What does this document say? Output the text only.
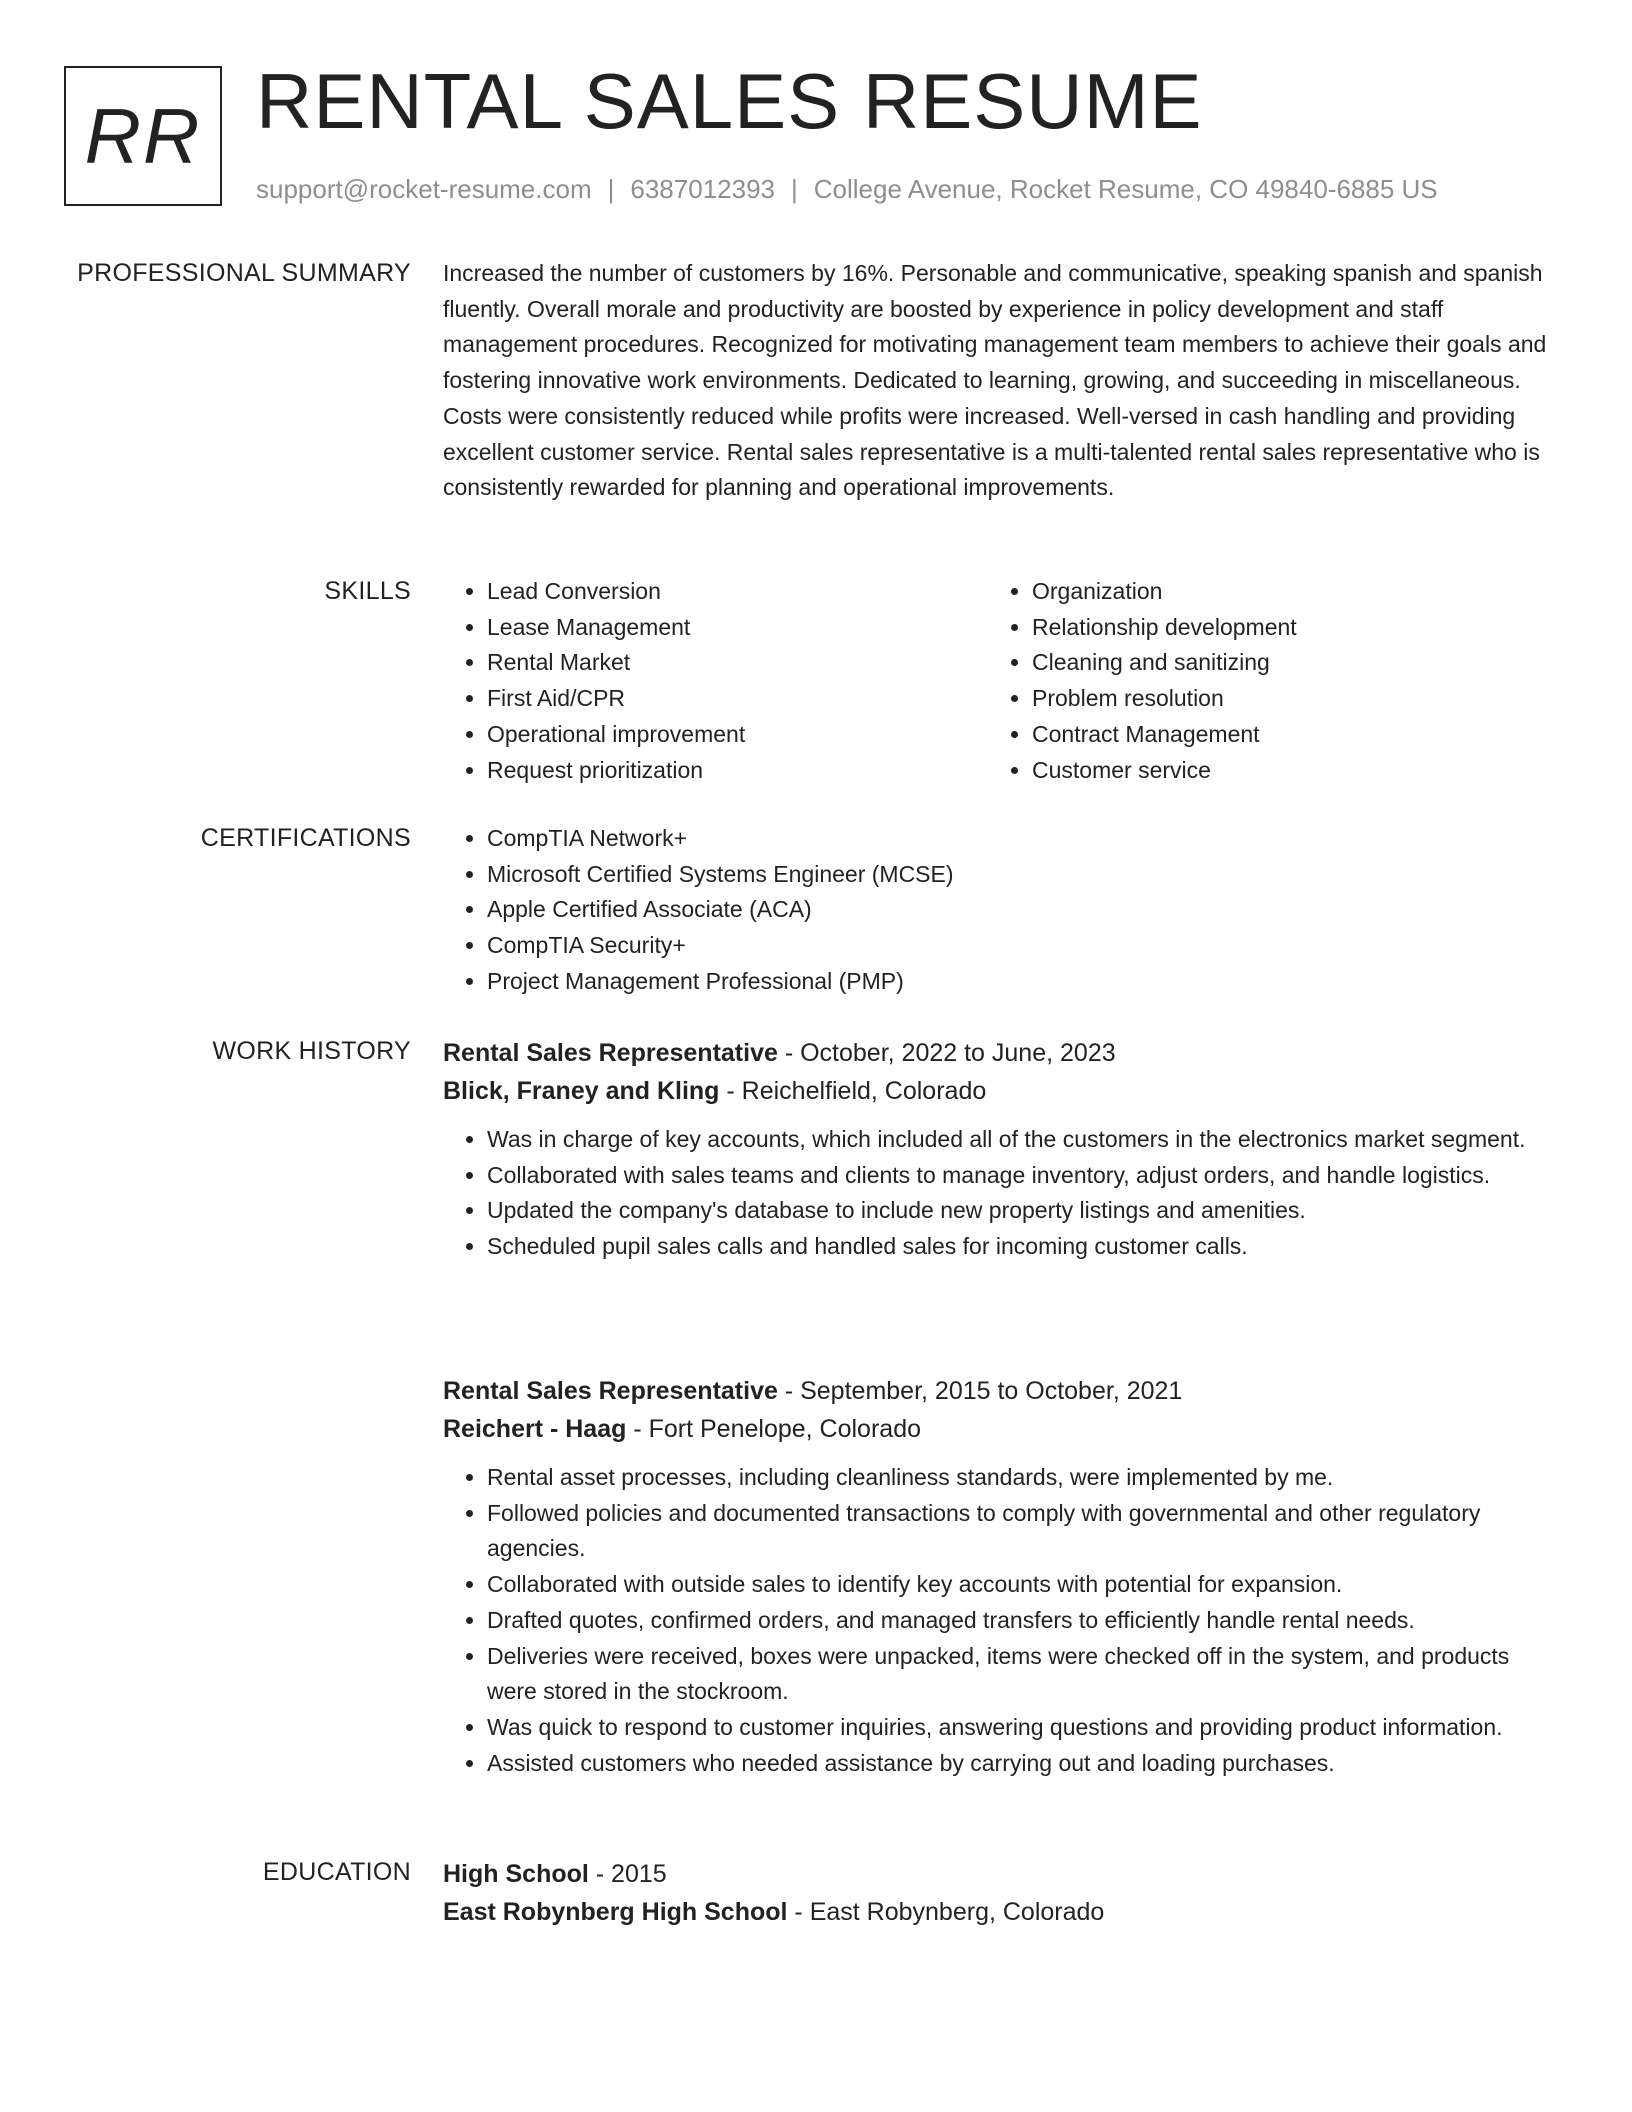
RR RENTAL SALES RESUME
support@rocket-resume.com | 6387012393 | College Avenue, Rocket Resume, CO 49840-6885 US
PROFESSIONAL SUMMARY Increased the number of customers by 16%. Personable and communicative, speaking spanish and spanish fluently. Overall morale and productivity are boosted by experience in policy development and staff management procedures. Recognized for motivating management team members to achieve their goals and fostering innovative work environments. Dedicated to learning, growing, and succeeding in miscellaneous. Costs were consistently reduced while profits were increased. Well-versed in cash handling and providing excellent customer service. Rental sales representative is a multi-talented rental sales representative who is consistently rewarded for planning and operational improvements.

SKILLS	• Lead Conversion
• Lease Management
• Rental Market
• First Aid/CPR
• Operational improvement
• Request prioritization
• Organization
• Relationship development
• Cleaning and sanitizing
• Problem resolution
• Contract Management
• Customer service
CERTIFICATIONS	• CompTIA Network+
• Microsoft Certified Systems Engineer (MCSE)
• Apple Certified Associate (ACA)
• CompTIA Security+
• Project Management Professional (PMP)
WORK HISTORY Rental Sales Representative - October, 2022 to June, 2023
Blick, Franey and Kling - Reichelfield, Colorado
• Was in charge of key accounts, which included all of the customers in the electronics market segment.
• Collaborated with sales teams and clients to manage inventory, adjust orders, and handle logistics.
• Updated the company's database to include new property listings and amenities.
• Scheduled pupil sales calls and handled sales for incoming customer calls.
Rental Sales Representative - September, 2015 to October, 2021
Reichert - Haag - Fort Penelope, Colorado
• Rental asset processes, including cleanliness standards, were implemented by me.
• Followed policies and documented transactions to comply with governmental and other regulatory agencies.
• Collaborated with outside sales to identify key accounts with potential for expansion.
• Drafted quotes, confirmed orders, and managed transfers to efficiently handle rental needs.
• Deliveries were received, boxes were unpacked, items were checked off in the system, and products were stored in the stockroom.
• Was quick to respond to customer inquiries, answering questions and providing product information.
• Assisted customers who needed assistance by carrying out and loading purchases.
EDUCATION High School - 2015
East Robynberg High School - East Robynberg, Colorado
